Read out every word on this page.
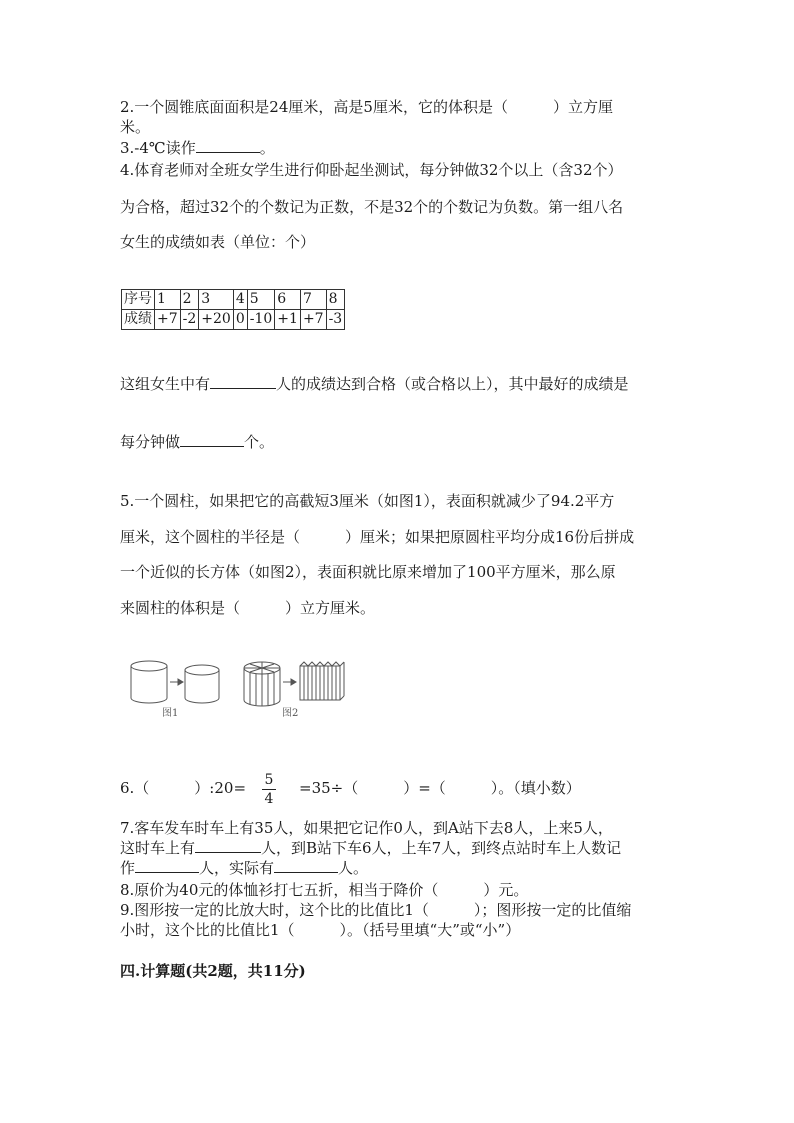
2.一个圆锥底面面积是24厘米，高是5厘米，它的体积是（　　　）立方厘
米。
3.-4℃读作	。
4.体育老师对全班女学生进行仰卧起坐测试，每分钟做32个以上（含32个）
为合格，超过32个的个数记为正数，不是32个的个数记为负数。第一组八名
女生的成绩如表（单位：个）
序号	1	2	3	4	5	6	7	8
成绩	+7	-2	+20	0	-10	+1	+7	-3
这组女生中有	人的成绩达到合格（或合格以上），其中最好的成绩是
每分钟做	个。
5.一个圆柱，如果把它的高截短3厘米（如图1），表面积就减少了94.2平方
厘米，这个圆柱的半径是（　　　）厘米；如果把原圆柱平均分成16份后拼成
一个近似的长方体（如图2），表面积就比原来增加了100平方厘米，那么原
来圆柱的体积是（　　　）立方厘米。
图1	图2
6.（　　　）:20= 5
4
=35÷（　　　）=（　　　）。（填小数）
7.客车发车时车上有35人，如果把它记作0人，到A站下去8人，上来5人，
这时车上有	人，到B站下车6人，上车7人，到终点站时车上人数记
作	人，实际有	人。
8.原价为40元的体恤衫打七五折，相当于降价（　　　）元。
9.图形按一定的比放大时，这个比的比值比1（　　　）；图形按一定的比值缩
小时，这个比的比值比1（　　　）。（括号里填“大”或“小”）
四.计算题(共2题，共11分)
